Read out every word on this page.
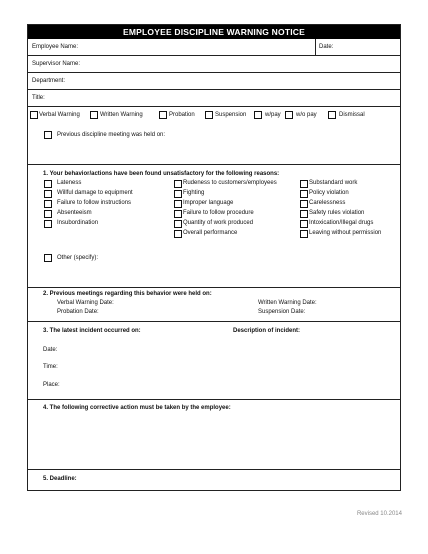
EMPLOYEE DISCIPLINE WARNING NOTICE
Employee Name:	Date:
Supervisor Name:
Department:
Title:
Verbal Warning	Written Warning	Probation	Suspension	w/pay	w/o pay	Dismissal
Previous discipline meeting was held on:
1. Your behavior/actions have been found unsatisfactory for the following reasons:
Lateness
Willful damage to equipment
Failure to follow instructions
Absenteeism
Insubordination
Rudeness to customers/employees
Fighting
Improper language
Failure to follow procedure
Quantity of work produced
Overall performance
Substandard work
Policy violation
Carelessness
Safety rules violation
Intoxication/Illegal drugs
Leaving without permission
Other (specify):
2. Previous meetings regarding this behavior were held on:
Verbal Warning Date:	Written Warning Date:
Probation Date:	Suspension Date:
3. The latest incident occurred on:	Description of incident:
Date:
Time:
Place:
4. The following corrective action must be taken by the employee:
5. Deadline:
Revised 10.2014
